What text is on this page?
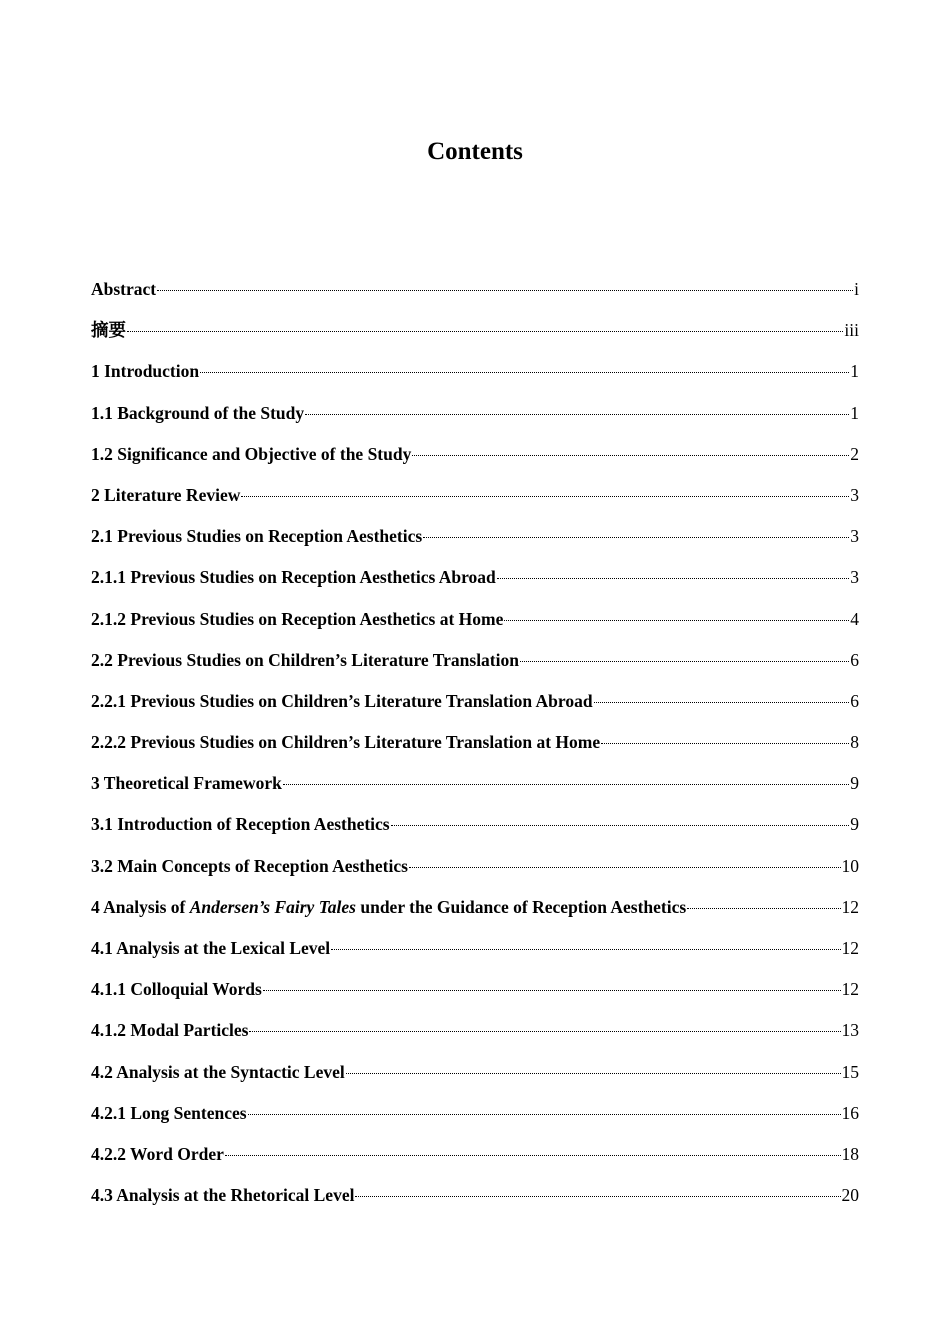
Contents
Abstract	i
摘要	iii
1 Introduction	1
1.1 Background of the Study	1
1.2 Significance and Objective of the Study	2
2 Literature Review	3
2.1 Previous Studies on Reception Aesthetics	3
2.1.1 Previous Studies on Reception Aesthetics Abroad	3
2.1.2 Previous Studies on Reception Aesthetics at Home	4
2.2 Previous Studies on Children’s Literature Translation	6
2.2.1 Previous Studies on Children’s Literature Translation Abroad	6
2.2.2 Previous Studies on Children’s Literature Translation at Home	8
3 Theoretical Framework	9
3.1 Introduction of Reception Aesthetics	9
3.2 Main Concepts of Reception Aesthetics	10
4 Analysis of Andersen’s Fairy Tales under the Guidance of Reception Aesthetics	12
4.1 Analysis at the Lexical Level	12
4.1.1 Colloquial Words	12
4.1.2 Modal Particles	13
4.2 Analysis at the Syntactic Level	15
4.2.1 Long Sentences	16
4.2.2 Word Order	18
4.3 Analysis at the Rhetorical Level	20
